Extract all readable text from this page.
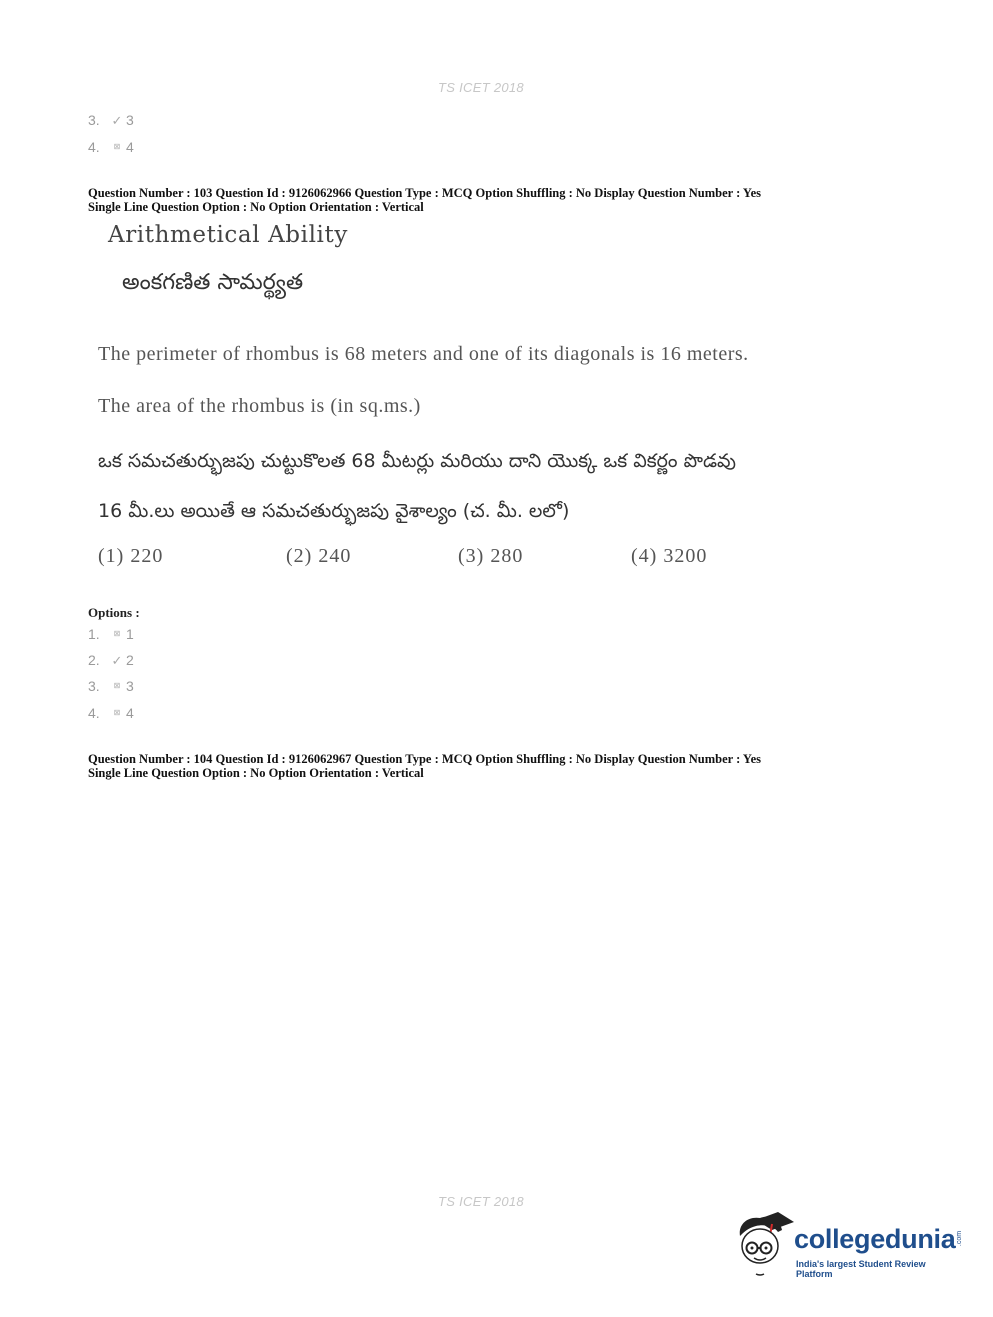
TS ICET 2018
3. ✓ 3
4. ⊠ 4
Question Number : 103 Question Id : 9126062966 Question Type : MCQ Option Shuffling : No Display Question Number : Yes
Single Line Question Option : No Option Orientation : Vertical
Arithmetical Ability
అంకగణిత సామర్థ్యత
The perimeter of rhombus is 68 meters and one of its diagonals is 16 meters.
The area of the rhombus is (in sq.ms.)
ఒక సమచతుర్భుజపు చుట్టుకొలత 68 మీటర్లు మరియు దాని యొక్క ఒక వికర్ణం పొడవు
16 మీ.లు అయితే ఆ సమచతుర్భుజపు వైశాల్యం (చ. మీ. లలో)
(1) 220	(2) 240	(3) 280	(4) 3200
Options :
1. ⊠ 1
2. ✓ 2
3. ⊠ 3
4. ⊠ 4
Question Number : 104 Question Id : 9126062967 Question Type : MCQ Option Shuffling : No Display Question Number : Yes
Single Line Question Option : No Option Orientation : Vertical
TS ICET 2018
collegedunia .com
India's largest Student Review Platform
